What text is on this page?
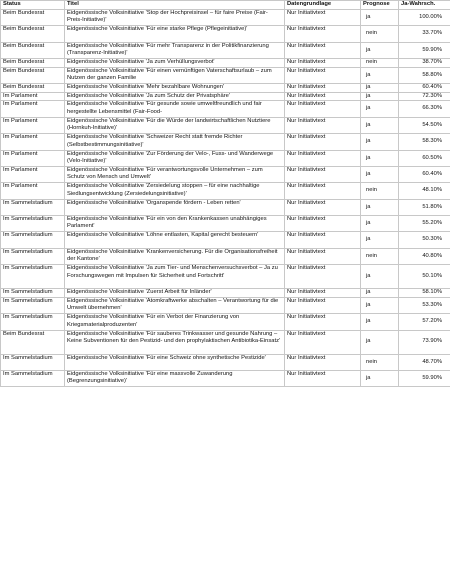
Status	Titel	Datengrundlage	Prognose	Ja-Wahrsch.
Beim Bundesrat	Eidgenössische Volksinitiative 'Stop der Hochpreisinsel – für faire Preise (Fair-Preis-Initiative)'	Nur Initiativtext	ja	100.00%
Beim Bundesrat	Eidgenössische Volksinitiative 'Für eine starke Pflege (Pflegeinitiative)'	Nur Initiativtext	nein	33.70%
Beim Bundesrat	Eidgenössische Volksinitiative 'Für mehr Transparenz in der Politikfinanzierung (Transparenz-Initiative)'	Nur Initiativtext	ja	59.90%
Beim Bundesrat	Eidgenössische Volksinitiative 'Ja zum Verhüllungsverbot'	Nur Initiativtext	nein	38.70%
Beim Bundesrat	Eidgenössische Volksinitiative 'Für einen vernünftigen Vaterschaftsurlaub – zum Nutzen der ganzen Familie	Nur Initiativtext	ja	58.80%
Beim Bundesrat	Eidgenössische Volksinitiative 'Mehr bezahlbare Wohnungen'	Nur Initiativtext	ja	60.40%
Im Parlament	Eidgenössische Volksinitiative 'Ja zum Schutz der Privatsphäre'	Nur Initiativtext	ja	72.30%
Im Parlament	Eidgenössische Volksinitiative 'Für gesunde sowie umweltfreundlich und fair hergestellte Lebensmittel (Fair-Food-	Nur Initiativtext	ja	66.30%
Im Parlament	Eidgenössische Volksinitiative 'Für die Würde der landwirtschaftlichen Nutztiere (Hornkuh-Initiative)'	Nur Initiativtext	ja	54.50%
Im Parlament	Eidgenössische Volksinitiative 'Schweizer Recht statt fremde Richter (Selbstbestimmungsinitiative)'	Nur Initiativtext	ja	58.30%
Im Parlament	Eidgenössische Volksinitiative 'Zur Förderung der Velo-, Fuss- und Wanderwege (Velo-Initiative)'	Nur Initiativtext	ja	60.50%
Im Parlament	Eidgenössische Volksinitiative 'Für verantwortungsvolle Unternehmen – zum Schutz von Mensch und Umwelt'	Nur Initiativtext	ja	60.40%
Im Parlament	Eidgenössische Volksinitiative 'Zersiedelung stoppen – für eine nachhaltige Siedlungsentwicklung (Zersiedelungsinitiative)'	Nur Initiativtext	nein	48.10%
Im Sammelstadium	Eidgenössische Volksinitiative 'Organspende fördern - Leben retten'	Nur Initiativtext	ja	51.80%
Im Sammelstadium	Eidgenössische Volksinitiative 'Für ein von den Krankenkassen unabhängiges Parlament'	Nur Initiativtext	ja	55.20%
Im Sammelstadium	Eidgenössische Volksinitiative 'Löhne entlasten, Kapital gerecht besteuern'	Nur Initiativtext	ja	50.30%
Im Sammelstadium	Eidgenössische Volksinitiative 'Krankenversicherung. Für die Organisationsfreiheit der Kantone'	Nur Initiativtext	nein	40.80%
Im Sammelstadium	Eidgenössische Volksinitiative 'Ja zum Tier- und Menschenversuchsverbot – Ja zu Forschungswegen mit Impulsen für Sicherheit und Fortschritt'	Nur Initiativtext	ja	50.10%
Im Sammelstadium	Eidgenössische Volksinitiative 'Zuerst Arbeit für Inländer'	Nur Initiativtext	ja	58.10%
Im Sammelstadium	Eidgenössische Volksinitiative 'Atomkraftwerke abschalten – Verantwortung für die Umwelt übernehmen'	Nur Initiativtext	ja	53.30%
Im Sammelstadium	Eidgenössische Volksinitiative 'Für ein Verbot der Finanzierung von Kriegsmaterialproduzenten'	Nur Initiativtext	ja	57.20%
Beim Bundesrat	Eidgenössische Volksinitiative 'Für sauberes Trinkwasser und gesunde Nahrung – Keine Subventionen für den Pestizid- und den prophylaktischen Antibiotika-Einsatz'	Nur Initiativtext	ja	73.90%
Im Sammelstadium	Eidgenössische Volksinitiative 'Für eine Schweiz ohne synthetische Pestizide'	Nur Initiativtext	nein	48.70%
Im Sammelstadium	Eidgenössische Volksinitiative 'Für eine massvolle Zuwanderung (Begrenzungsinitiative)'	Nur Initiativtext	ja	59.90%
